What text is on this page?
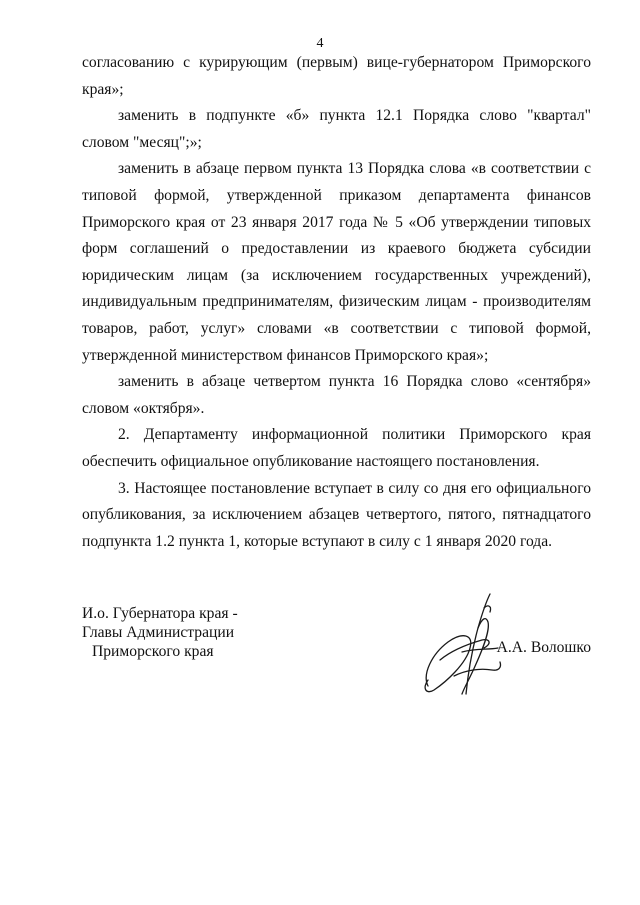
4

согласованию с курирующим (первым) вице-губернатором Приморского края»;

заменить в подпункте «б» пункта 12.1 Порядка слово "квартал" словом "месяц";»;

заменить в абзаце первом пункта 13 Порядка слова «в соответствии с типовой формой, утвержденной приказом департамента финансов Приморского края от 23 января 2017 года № 5 «Об утверждении типовых форм соглашений о предоставлении из краевого бюджета субсидии юридическим лицам (за исключением государственных учреждений), индивидуальным предпринимателям, физическим лицам - производителям товаров, работ, услуг» словами «в соответствии с типовой формой, утвержденной министерством финансов Приморского края»;

заменить в абзаце четвертом пункта 16 Порядка слово «сентября» словом «октября».

2. Департаменту информационной политики Приморского края обеспечить официальное опубликование настоящего постановления.

3. Настоящее постановление вступает в силу со дня его официального опубликования, за исключением абзацев четвертого, пятого, пятнадцатого подпункта 1.2 пункта 1, которые вступают в силу с 1 января 2020 года.

И.о. Губернатора края -
Главы Администрации
Приморского края	А.А. Волошко
